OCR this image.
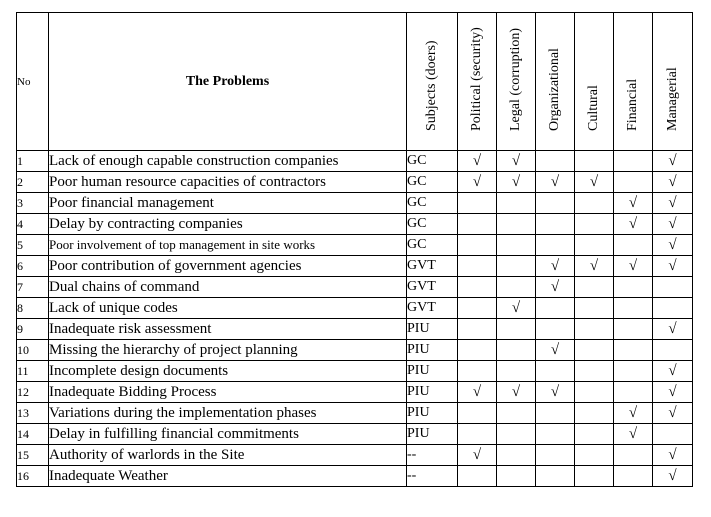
No	The Problems	Subjects (doers)	Political (security)	Legal (corruption)	Organizational	Cultural	Financial	Managerial

1	Lack of enough capable construction companies	GC	√	√				√
2	Poor human resource capacities of contractors	GC	√	√	√	√		√
3	Poor financial management	GC					√	√
4	Delay by contracting companies	GC					√	√
5	Poor involvement of top management in site works	GC						√
6	Poor contribution of government agencies	GVT			√	√	√	√
7	Dual chains of command	GVT			√			
8	Lack of unique codes	GVT		√				
9	Inadequate risk assessment	PIU						√
10	Missing the hierarchy of project planning	PIU			√			
11	Incomplete design documents	PIU						√
12	Inadequate Bidding Process	PIU	√	√	√			√
13	Variations during the implementation phases	PIU					√	√
14	Delay in fulfilling financial commitments	PIU					√	
15	Authority of warlords in the Site	--	√					√
16	Inadequate Weather	--						√
